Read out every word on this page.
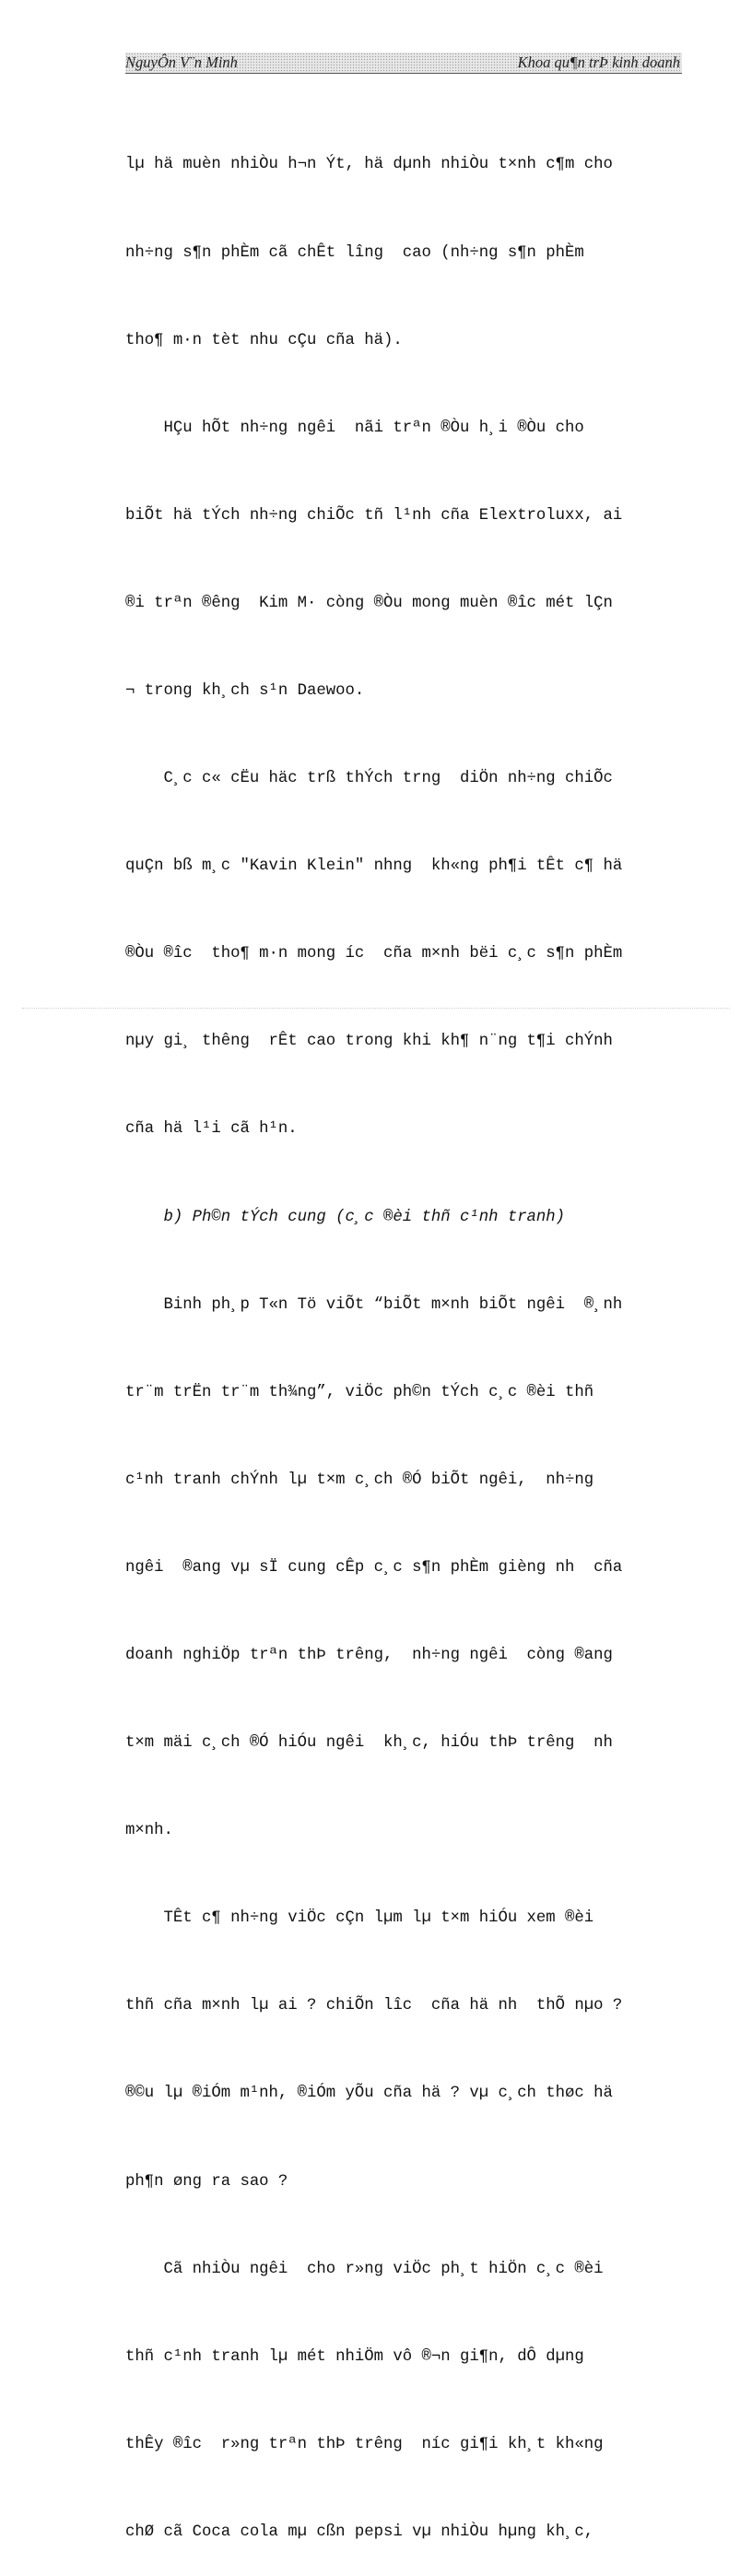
NguyÔn V¨n Minh	Khoa qu¶n trÞ kinh doanh

lµ hä muèn nhiÒu h¬n Ýt, hä dµnh nhiÒu t×nh c¶m cho

nh÷ng s¶n phÈm cã chÊt lîng  cao (nh÷ng s¶n phÈm

tho¶ m·n tèt nhu cÇu cña hä).

HÇu hÕt nh÷ng ngêi  nãi trªn ®Òu h¸i ®Òu cho

biÕt hä tÝch nh÷ng chiÕc tñ l¹nh cña Elextroluxx, ai

®i trªn ®êng  Kim M· còng ®Òu mong muèn ®îc mét lÇn

¬ trong kh¸ch s¹n Daewoo.

C¸c c« cËu häc trß thÝch trng  diÖn nh÷ng chiÕc

quÇn bß m¸c "Kavin Klein" nhng  kh«ng ph¶i tÊt c¶ hä

®Òu ®îc  tho¶ m·n mong íc  cña m×nh bëi c¸c s¶n phÈm

nµy gi¸ thêng  rÊt cao trong khi kh¶ n¨ng t¶i chÝnh

cña hä l¹i cã h¹n.

b) Ph©n tÝch cung (c¸c ®èi thñ c¹nh tranh)

Binh ph¸p T«n Tö viÕt “biÕt m×nh biÕt ngêi  ®¸nh

tr¨m trËn tr¨m th¾ng”, viÖc ph©n tÝch c¸c ®èi thñ

c¹nh tranh chÝnh lµ t×m c¸ch ®Ó biÕt ngêi,  nh÷ng

ngêi  ®ang vµ sÏ cung cÊp c¸c s¶n phÈm gièng nh  cña

doanh nghiÖp trªn thÞ trêng,  nh÷ng ngêi  còng ®ang

t×m mäi c¸ch ®Ó hiÓu ngêi  kh¸c, hiÓu thÞ trêng  nh

m×nh.

TÊt c¶ nh÷ng viÖc cÇn lµm lµ t×m hiÓu xem ®èi

thñ cña m×nh lµ ai ? chiÕn lîc  cña hä nh  thÕ nµo ?

®©u lµ ®iÓm m¹nh, ®iÓm yÕu cña hä ? vµ c¸ch thøc hä

ph¶n øng ra sao ?

Cã nhiÒu ngêi  cho r»ng viÖc ph¸t hiÖn c¸c ®èi

thñ c¹nh tranh lµ mét nhiÖm vô ®¬n gi¶n, dÔ dµng

thÊy ®îc  r»ng trªn thÞ trêng  níc gi¶i kh¸t kh«ng

chØ cã Coca cola mµ cßn pepsi vµ nhiÒu hµng kh¸c,
